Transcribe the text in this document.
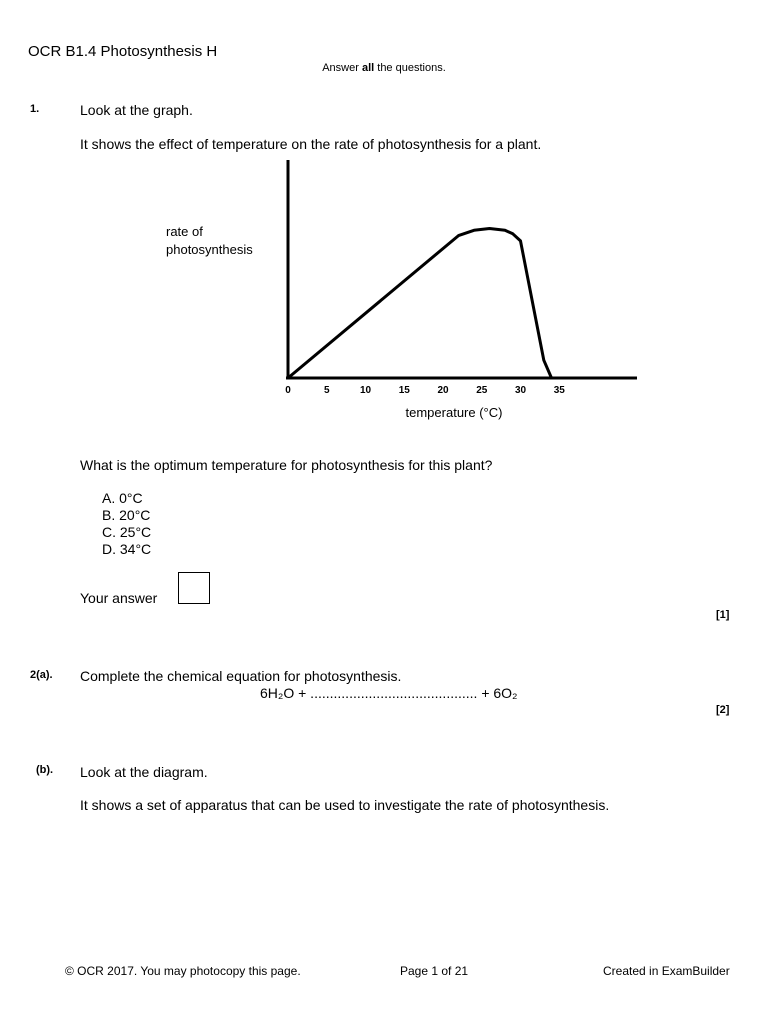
OCR B1.4 Photosynthesis H
Answer all the questions.
1.	Look at the graph.
It shows the effect of temperature on the rate of photosynthesis for a plant.
rate of
photosynthesis
0	5	10	15	20	25	30	35
temperature (°C)
What is the optimum temperature for photosynthesis for this plant?
A. 0°C
B. 20°C
C. 25°C
D. 34°C
Your answer
[1]
2(a). Complete the chemical equation for photosynthesis.
6H₂O + ........................................... + 6O₂
[2]
(b). Look at the diagram.
It shows a set of apparatus that can be used to investigate the rate of photosynthesis.
© OCR 2017. You may photocopy this page.	Page 1 of 21	Created in ExamBuilder
